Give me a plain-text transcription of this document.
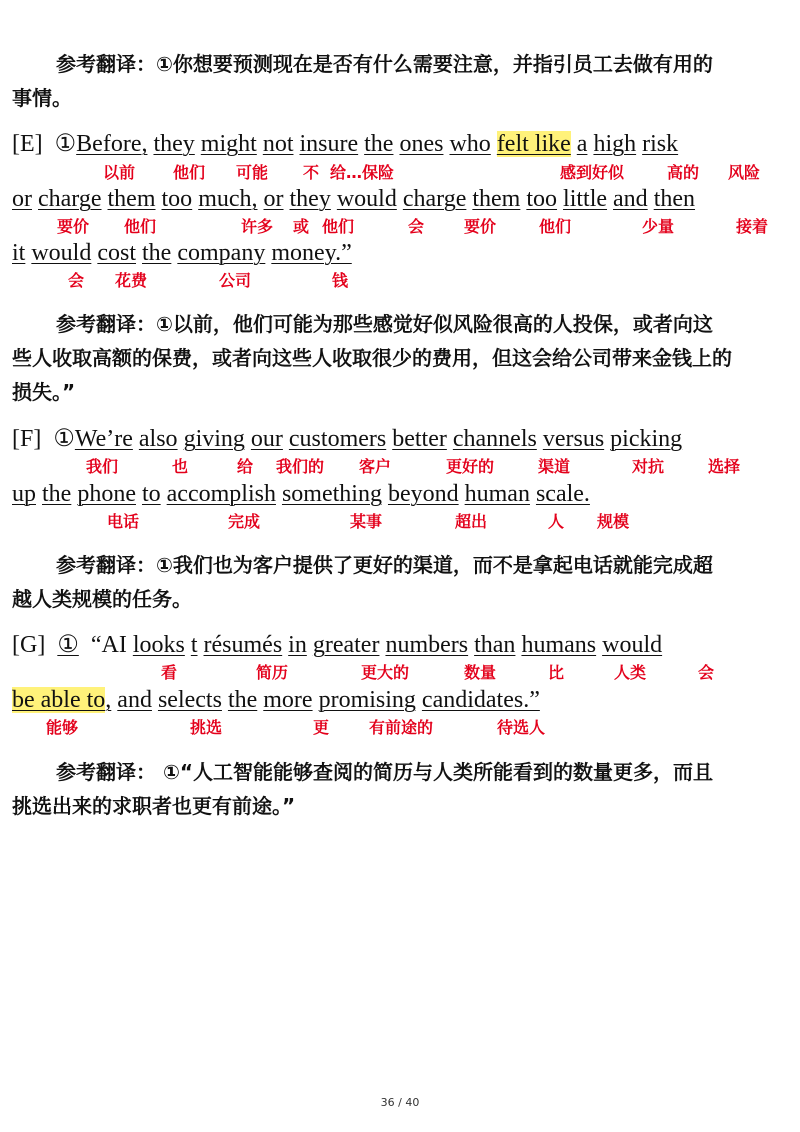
参考翻译：①你想要预测现在是否有什么需要注意，并指引员工去做有用的
事情。
[E] ①Before, they might not insure the ones who felt like a high risk
以前 他们 可能 不 给…保险	感到好似	高的 风险
or charge them too much, or they would charge them too little and then
要价 他们	许多 或 他们	会 要价	他们	少量	接着
it would cost the company money.”
会 花费	公司	钱
参考翻译：①以前，他们可能为那些感觉好似风险很高的人投保，或者向这
些人收取高额的保费，或者向这些人收取很少的费用，但这会给公司带来金钱上的
损失。”
[F] ①We’re also giving our customers better channels versus picking
我们	也	给 我们的 客户	更好的	渠道	对抗	选择
up the phone to accomplish something beyond human scale.
电话	完成	某事	超出	人 规模
参考翻译：①我们也为客户提供了更好的渠道，而不是拿起电话就能完成超
越人类规模的任务。
[G] ① “AI looks t résumés in greater numbers than humans would
看	简历	更大的	数量	比	人类	会
be able to, and selects the more promising candidates.”
能够	挑选	更 有前途的	待选人
参考翻译： ①“人工智能能够查阅的简历与人类所能看到的数量更多，而且
挑选出来的求职者也更有前途。”
36 / 40
